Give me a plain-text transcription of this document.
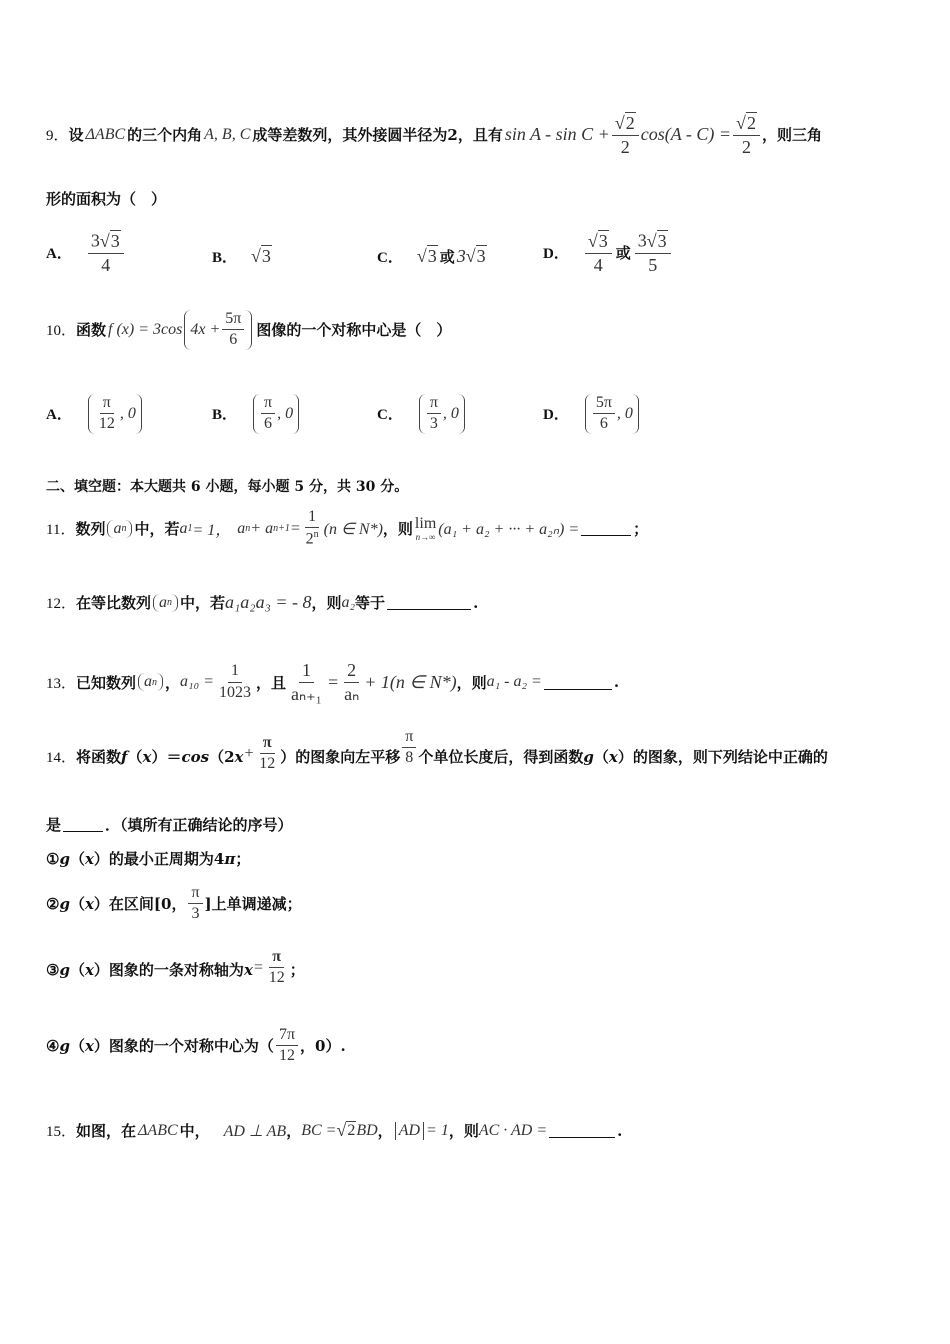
9． 设 ΔABC 的三个内角 A, B, C 成等差数列，其外接圆半径为2，且有 $\sin A - \sin C + \frac{√ 2}{2} \cos(A - C) = \frac{√ 2}{2}$ ，则三角
形的面积为（　）
A． $\frac{3 √ 3}{4}$	B． √ 3	C． √ 3 或 3 √ 3	D． $\frac{√ 3}{4}$ 或 $\frac{3 √ 3}{5}$
10． 函数 f (x) = 3cos $4x + \frac{5\pi}{6}$ 图像的一个对称中心是（　）
A． $\frac{\pi}{12}$ , 0	B． $\frac{\pi}{6}$ , 0	C． $\frac{\pi}{3}$ , 0	D． $\frac{5\pi}{6}$ , 0
二、填空题：本大题共 6 小题，每小题 5 分，共 30 分。
11． 数列 a n 中，若 a 1 = 1， a n + a $n+1 = \frac{1}{2^n} (n$ ∈ N*) ，则 lim
n→∞ (a₁ + a₂ + ··· + a₂ₙ) =	；
12． 在等比数列 a n 中，若 a₁a₂a₃ = - 8 ，则 a₂ 等于	.
13． 已知数列 a n ， $a_{10} = \frac{1}{1023}$ ，且 $\frac{1}{\text{aₙ₊₁}} = \frac{2}{\text{aₙ}} + 1(n$ ∈ N*) ，则 a₁ - a₂ =	.
14． 将函数 f （ x ）＝ cos （2 $x + \frac{\pi}{12}$ ）的图象向左平移 $\frac{\pi}{8}$ 个单位长度后，得到函数 g （ x ）的图象，则下列结论中正确的
是	．（填所有正确结论的序号）
① g （ x ）的最小正周期为4 π ；
② g （ x ）在区间[0， $\frac{\pi}{3}$ ]上单调递减；
③ g （ x ）图象的一条对称轴为 $x = \frac{\pi}{12}$ ；
④ g （ x ）图象的一个对称中心为（ $\frac{7\pi}{12}$ ，0）.
15． 如图，在 ΔABC 中， AD ⊥ AB ， BC = √ 2 BD ， AD = 1 ，则 AC · AD =	.
